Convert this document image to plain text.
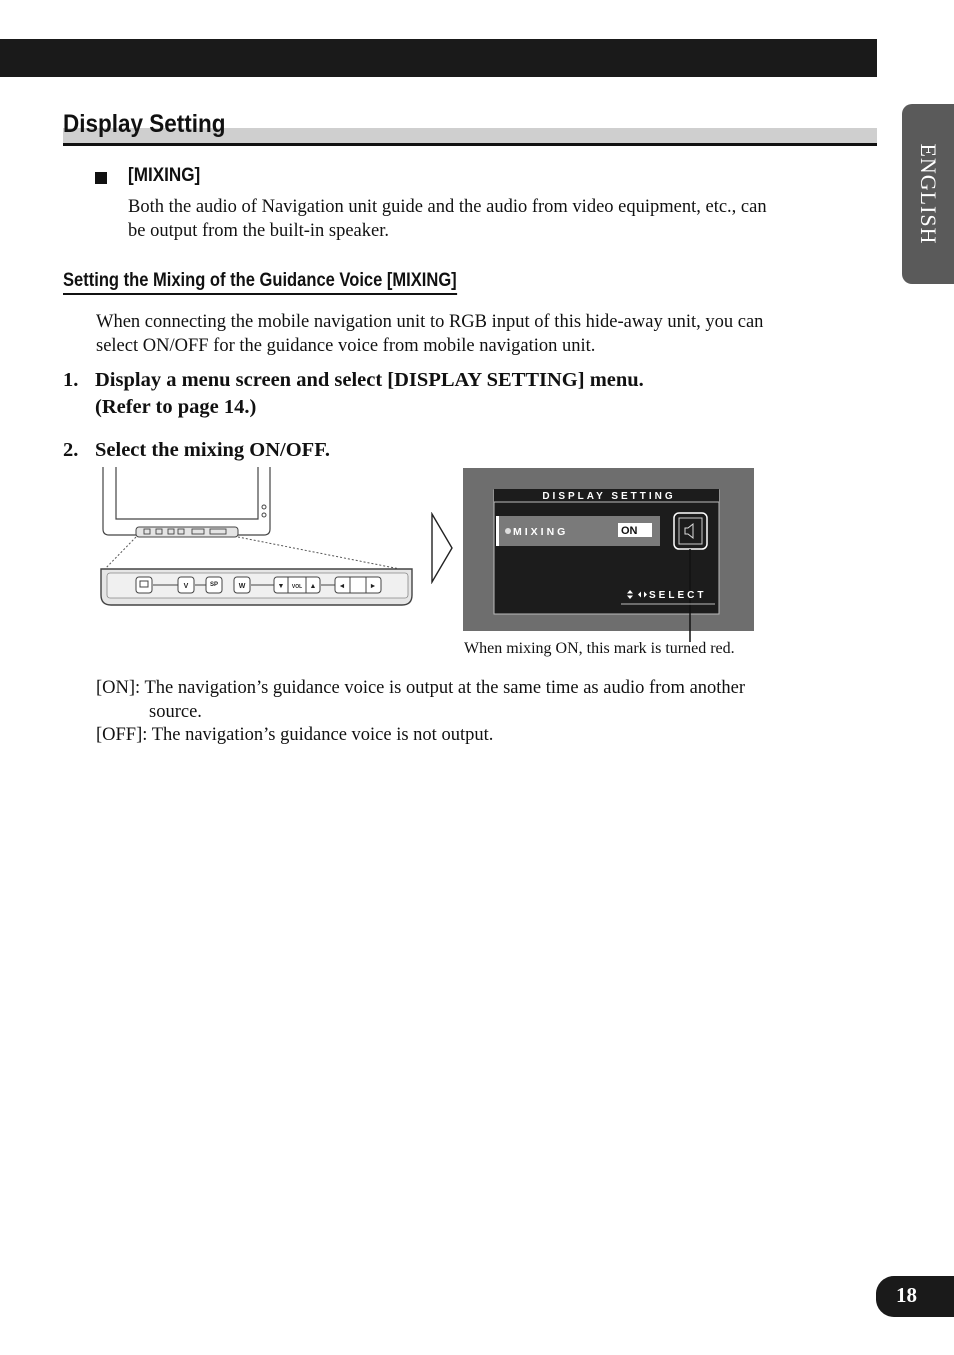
ENGLISH
Display Setting
[MIXING]
Both the audio of Navigation unit guide and the audio from video equipment, etc., can
be output from the built-in speaker.
Setting the Mixing of the Guidance Voice [MIXING]
When connecting the mobile navigation unit to RGB input of this hide-away unit, you can
select ON/OFF for the guidance voice from mobile navigation unit.
1. Display a menu screen and select [DISPLAY SETTING] menu.
(Refer to page 14.)
2. Select the mixing ON/OFF.
V	SP	W	▼ VOL ▲	◄	►
DISPLAY SETTING
MIXING	ON
SELECT
When mixing ON, this mark is turned red.
[ON]: The navigation’s guidance voice is output at the same time as audio from another
source.
[OFF]: The navigation’s guidance voice is not output.
18
